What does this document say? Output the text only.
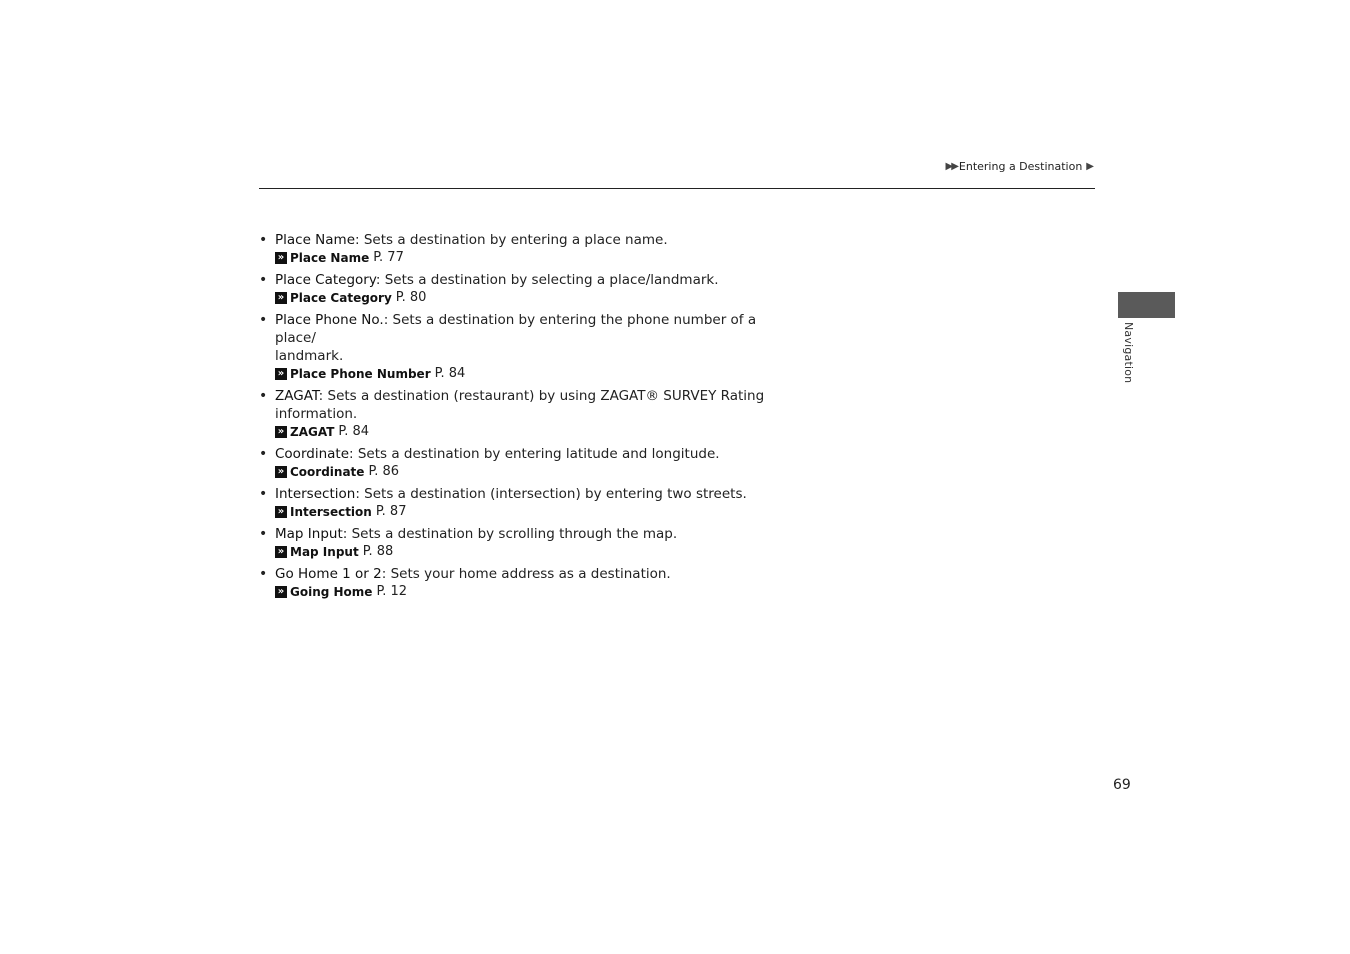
▶▶ Entering a Destination ▶
Navigation
• Place Name: Sets a destination by entering a place name.
» Place Name P. 77
• Place Category: Sets a destination by selecting a place/landmark.
» Place Category P. 80
• Place Phone No.: Sets a destination by entering the phone number of a place/
landmark.
» Place Phone Number P. 84
• ZAGAT: Sets a destination (restaurant) by using ZAGAT® SURVEY Rating
information.
» ZAGAT P. 84
• Coordinate: Sets a destination by entering latitude and longitude.
» Coordinate P. 86
• Intersection: Sets a destination (intersection) by entering two streets.
» Intersection P. 87
• Map Input: Sets a destination by scrolling through the map.
» Map Input P. 88
• Go Home 1 or 2: Sets your home address as a destination.
» Going Home P. 12
69
